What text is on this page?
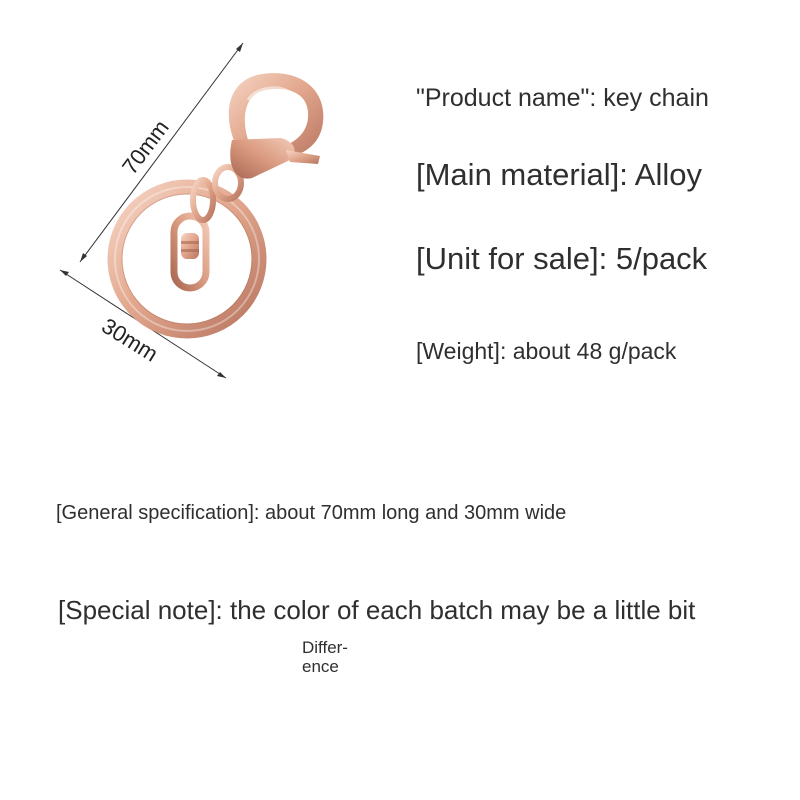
70mm
30mm
"Product name": key chain
[Main material]: Alloy
[Unit for sale]: 5/pack
[Weight]: about 48 g/pack
[General specification]: about 70mm long and 30mm wide
[Special note]: the color of each batch may be a little bit
Differ-ence
